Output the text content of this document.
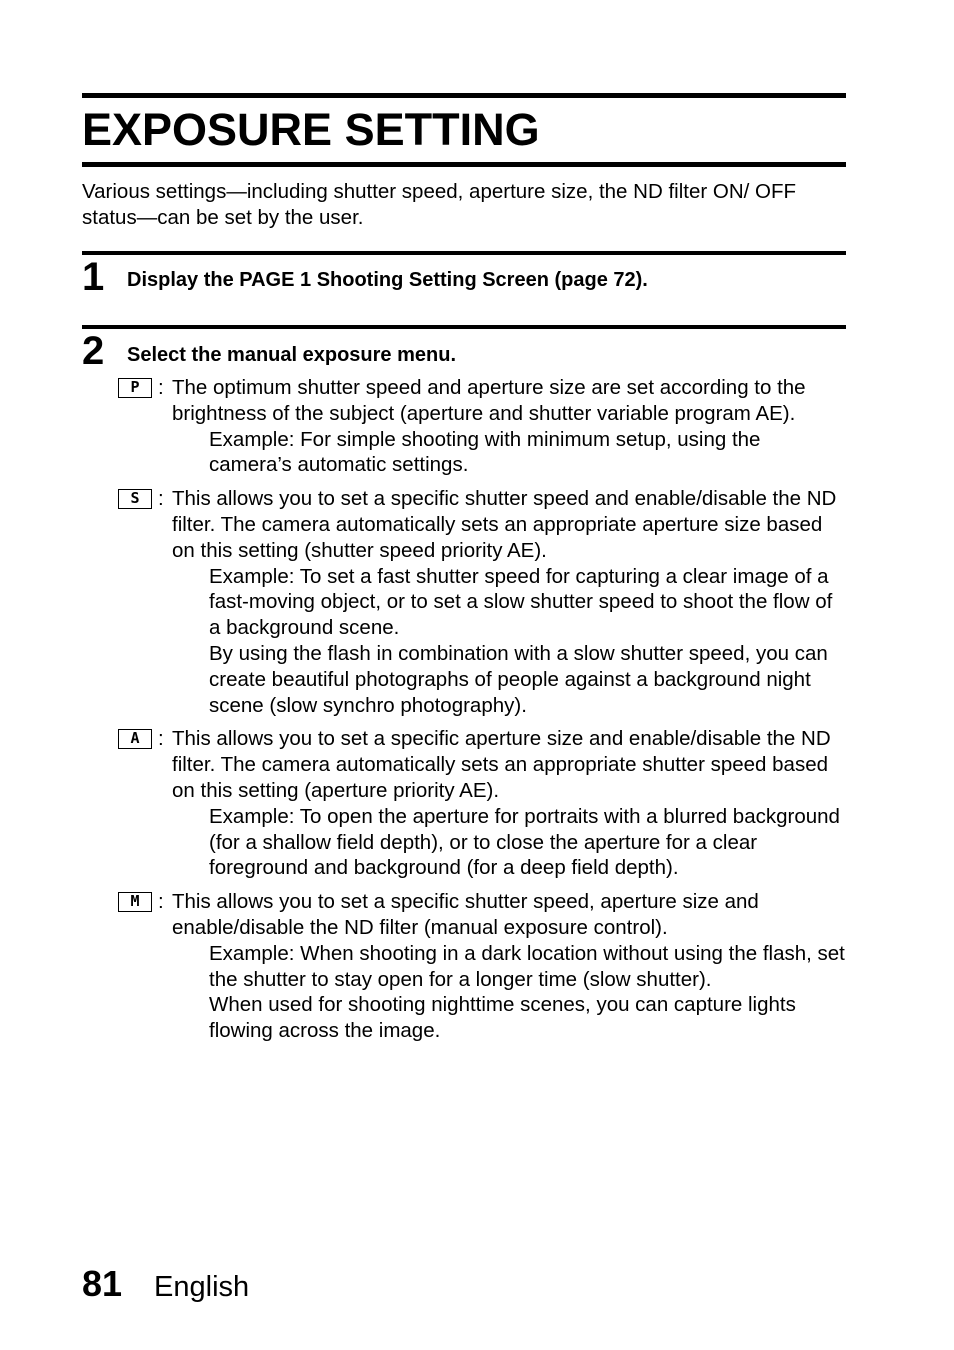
EXPOSURE SETTING

Various settings—including shutter speed, aperture size, the ND filter ON/ OFF status—can be set by the user.

1 Display the PAGE 1 Shooting Setting Screen (page 72).
2 Select the manual exposure menu.
P : The optimum shutter speed and aperture size are set according to the brightness of the subject (aperture and shutter variable program AE).
Example: For simple shooting with minimum setup, using the camera’s automatic settings.
S : This allows you to set a specific shutter speed and enable/disable the ND filter. The camera automatically sets an appropriate aperture size based on this setting (shutter speed priority AE).
Example: To set a fast shutter speed for capturing a clear image of a fast-moving object, or to set a slow shutter speed to shoot the flow of a background scene.
By using the flash in combination with a slow shutter speed, you can create beautiful photographs of people against a background night scene (slow synchro photography).
A : This allows you to set a specific aperture size and enable/disable the ND filter. The camera automatically sets an appropriate shutter speed based on this setting (aperture priority AE).
Example: To open the aperture for portraits with a blurred background (for a shallow field depth), or to close the aperture for a clear foreground and background (for a deep field depth).
M : This allows you to set a specific shutter speed, aperture size and enable/disable the ND filter (manual exposure control).
Example: When shooting in a dark location without using the flash, set the shutter to stay open for a longer time (slow shutter).
When used for shooting nighttime scenes, you can capture lights flowing across the image.
81 English
